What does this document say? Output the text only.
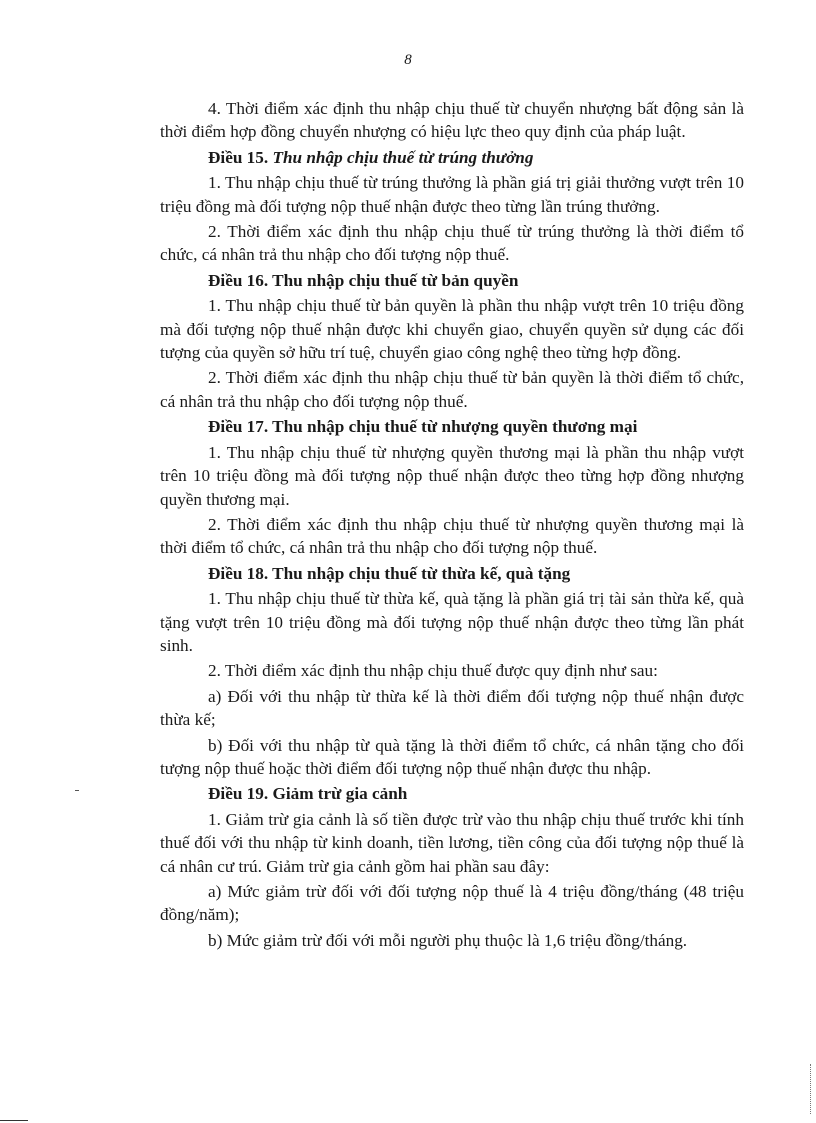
8

4. Thời điểm xác định thu nhập chịu thuế từ chuyển nhượng bất động sản là thời điểm hợp đồng chuyển nhượng có hiệu lực theo quy định của pháp luật.

Điều 15. Thu nhập chịu thuế từ trúng thưởng

1. Thu nhập chịu thuế từ trúng thưởng là phần giá trị giải thưởng vượt trên 10 triệu đồng mà đối tượng nộp thuế nhận được theo từng lần trúng thưởng.

2. Thời điểm xác định thu nhập chịu thuế từ trúng thưởng là thời điểm tổ chức, cá nhân trả thu nhập cho đối tượng nộp thuế.

Điều 16. Thu nhập chịu thuế từ bản quyền

1. Thu nhập chịu thuế từ bản quyền là phần thu nhập vượt trên 10 triệu đồng mà đối tượng nộp thuế nhận được khi chuyển giao, chuyển quyền sử dụng các đối tượng của quyền sở hữu trí tuệ, chuyển giao công nghệ theo từng hợp đồng.

2. Thời điểm xác định thu nhập chịu thuế từ bản quyền là thời điểm tổ chức, cá nhân trả thu nhập cho đối tượng nộp thuế.

Điều 17. Thu nhập chịu thuế từ nhượng quyền thương mại

1. Thu nhập chịu thuế từ nhượng quyền thương mại là phần thu nhập vượt trên 10 triệu đồng mà đối tượng nộp thuế nhận được theo từng hợp đồng nhượng quyền thương mại.

2. Thời điểm xác định thu nhập chịu thuế từ nhượng quyền thương mại là thời điểm tổ chức, cá nhân trả thu nhập cho đối tượng nộp thuế.

Điều 18. Thu nhập chịu thuế từ thừa kế, quà tặng

1. Thu nhập chịu thuế từ thừa kế, quà tặng là phần giá trị tài sản thừa kế, quà tặng vượt trên 10 triệu đồng mà đối tượng nộp thuế nhận được theo từng lần phát sinh.

2. Thời điểm xác định thu nhập chịu thuế được quy định như sau:

a) Đối với thu nhập từ thừa kế là thời điểm đối tượng nộp thuế nhận được thừa kế;

b) Đối với thu nhập từ quà tặng là thời điểm tổ chức, cá nhân tặng cho đối tượng nộp thuế hoặc thời điểm đối tượng nộp thuế nhận được thu nhập.

Điều 19. Giảm trừ gia cảnh

1. Giảm trừ gia cảnh là số tiền được trừ vào thu nhập chịu thuế trước khi tính thuế đối với thu nhập từ kinh doanh, tiền lương, tiền công của đối tượng nộp thuế là cá nhân cư trú. Giảm trừ gia cảnh gồm hai phần sau đây:

a) Mức giảm trừ đối với đối tượng nộp thuế là 4 triệu đồng/tháng (48 triệu đồng/năm);

b) Mức giảm trừ đối với mỗi người phụ thuộc là 1,6 triệu đồng/tháng.
